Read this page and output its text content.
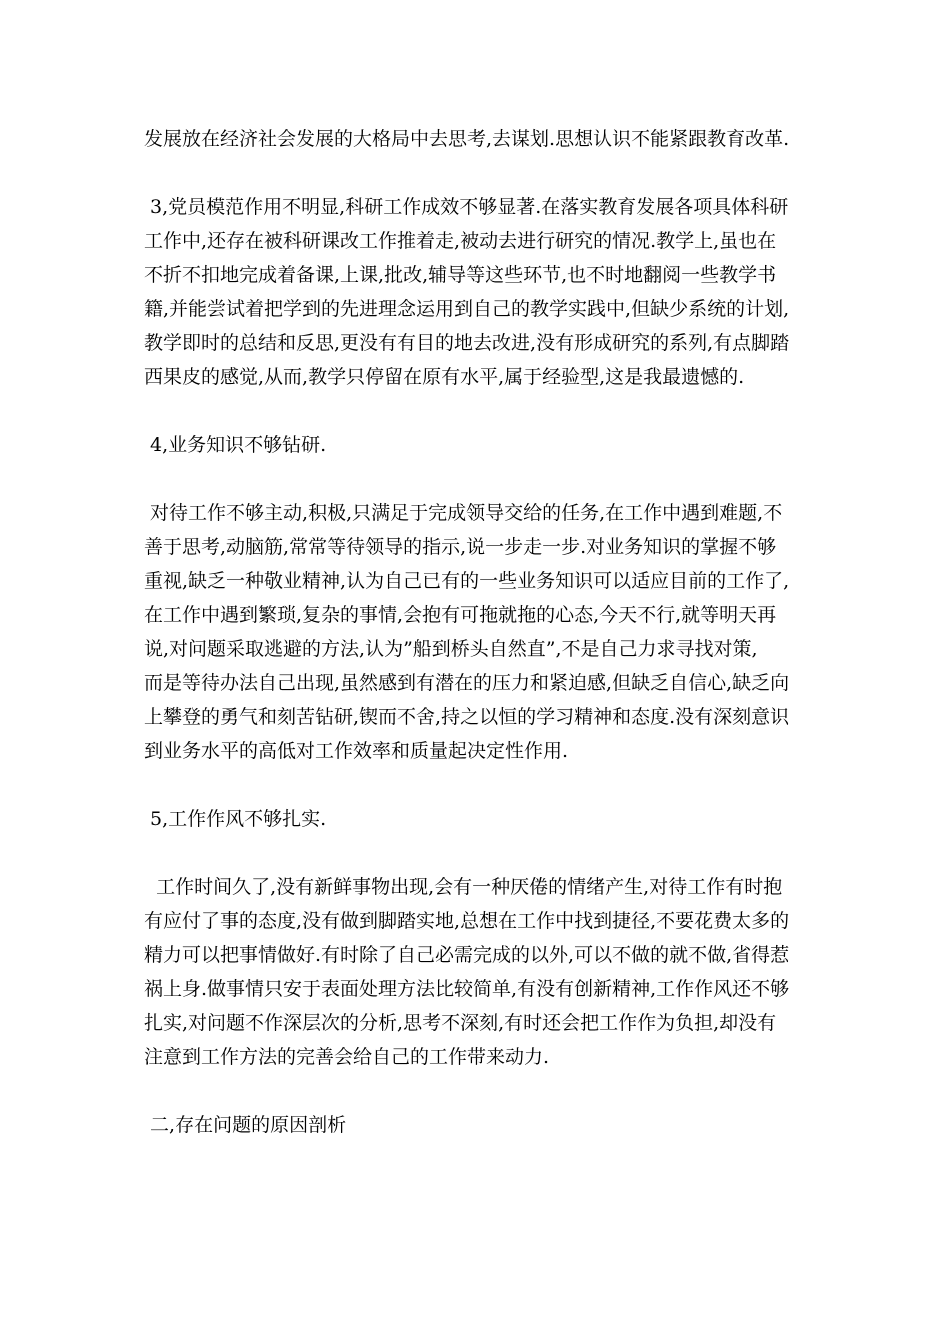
发展放在经济社会发展的大格局中去思考,去谋划.思想认识不能紧跟教育改革.
3,党员模范作用不明显,科研工作成效不够显著.在落实教育发展各项具体科研
工作中,还存在被科研课改工作推着走,被动去进行研究的情况.教学上,虽也在
不折不扣地完成着备课,上课,批改,辅导等这些环节,也不时地翻阅一些教学书
籍,并能尝试着把学到的先进理念运用到自己的教学实践中,但缺少系统的计划,
教学即时的总结和反思,更没有有目的地去改进,没有形成研究的系列,有点脚踏
西果皮的感觉,从而,教学只停留在原有水平,属于经验型,这是我最遗憾的.
4,业务知识不够钻研.
对待工作不够主动,积极,只满足于完成领导交给的任务,在工作中遇到难题,不
善于思考,动脑筋,常常等待领导的指示,说一步走一步.对业务知识的掌握不够
重视,缺乏一种敬业精神,认为自己已有的一些业务知识可以适应目前的工作了,
在工作中遇到繁琐,复杂的事情,会抱有可拖就拖的心态,今天不行,就等明天再
说,对问题采取逃避的方法,认为”船到桥头自然直”,不是自己力求寻找对策,
而是等待办法自己出现,虽然感到有潜在的压力和紧迫感,但缺乏自信心,缺乏向
上攀登的勇气和刻苦钻研,锲而不舍,持之以恒的学习精神和态度.没有深刻意识
到业务水平的高低对工作效率和质量起决定性作用.
5,工作作风不够扎实.
工作时间久了,没有新鲜事物出现,会有一种厌倦的情绪产生,对待工作有时抱
有应付了事的态度,没有做到脚踏实地,总想在工作中找到捷径,不要花费太多的
精力可以把事情做好.有时除了自己必需完成的以外,可以不做的就不做,省得惹
祸上身.做事情只安于表面处理方法比较简单,有没有创新精神,工作作风还不够
扎实,对问题不作深层次的分析,思考不深刻,有时还会把工作作为负担,却没有
注意到工作方法的完善会给自己的工作带来动力.
二,存在问题的原因剖析
